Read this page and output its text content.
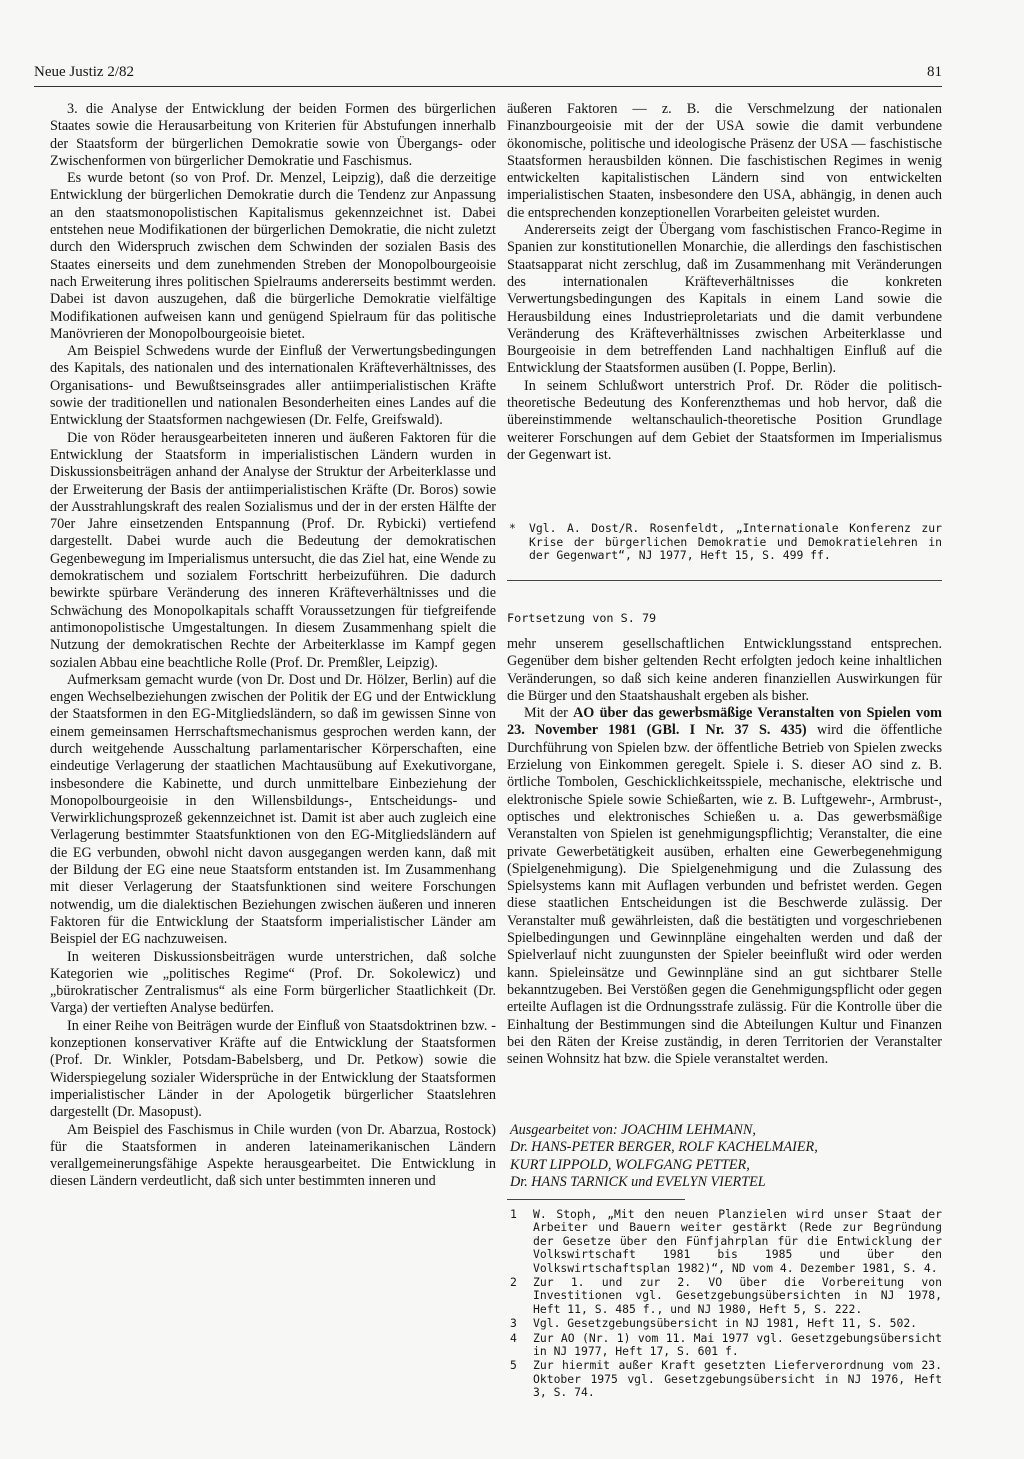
Neue Justiz 2/82	81

3. die Analyse der Entwicklung der beiden Formen des bürgerlichen Staates sowie die Herausarbeitung von Kriterien für Abstufungen innerhalb der Staatsform der bürgerlichen Demokratie sowie von Übergangs- oder Zwischenformen von bürgerlicher Demokratie und Faschismus.

Es wurde betont (so von Prof. Dr. Menzel, Leipzig), daß die derzeitige Entwicklung der bürgerlichen Demokratie durch die Tendenz zur Anpassung an den staatsmonopolistischen Kapitalismus gekennzeichnet ist. Dabei entstehen neue Modifikationen der bürgerlichen Demokratie, die nicht zuletzt durch den Widerspruch zwischen dem Schwinden der sozialen Basis des Staates einerseits und dem zunehmenden Streben der Monopolbourgeoisie nach Erweiterung ihres politischen Spielraums andererseits bestimmt werden. Dabei ist davon auszugehen, daß die bürgerliche Demokratie vielfältige Modifikationen aufweisen kann und genügend Spielraum für das politische Manövrieren der Monopolbourgeoisie bietet.

Am Beispiel Schwedens wurde der Einfluß der Verwertungsbedingungen des Kapitals, des nationalen und des internationalen Kräfteverhältnisses, des Organisations- und Bewußtseinsgrades aller antiimperialistischen Kräfte sowie der traditionellen und nationalen Besonderheiten eines Landes auf die Entwicklung der Staatsformen nachgewiesen (Dr. Felfe, Greifswald).

Die von Röder herausgearbeiteten inneren und äußeren Faktoren für die Entwicklung der Staatsform in imperialistischen Ländern wurden in Diskussionsbeiträgen anhand der Analyse der Struktur der Arbeiterklasse und der Erweiterung der Basis der antiimperialistischen Kräfte (Dr. Boros) sowie der Ausstrahlungskraft des realen Sozialismus und der in der ersten Hälfte der 70er Jahre einsetzenden Entspannung (Prof. Dr. Rybicki) vertiefend dargestellt. Dabei wurde auch die Bedeutung der demokratischen Gegenbewegung im Imperialismus untersucht, die das Ziel hat, eine Wende zu demokratischem und sozialem Fortschritt herbeizuführen. Die dadurch bewirkte spürbare Veränderung des inneren Kräfteverhältnisses und die Schwächung des Monopolkapitals schafft Voraussetzungen für tiefgreifende antimonopolistische Umgestaltungen. In diesem Zusammenhang spielt die Nutzung der demokratischen Rechte der Arbeiterklasse im Kampf gegen sozialen Abbau eine beachtliche Rolle (Prof. Dr. Premßler, Leipzig).

Aufmerksam gemacht wurde (von Dr. Dost und Dr. Hölzer, Berlin) auf die engen Wechselbeziehungen zwischen der Politik der EG und der Entwicklung der Staatsformen in den EG-Mitgliedsländern, so daß im gewissen Sinne von einem gemeinsamen Herrschaftsmechanismus gesprochen werden kann, der durch weitgehende Ausschaltung parlamentarischer Körperschaften, eine eindeutige Verlagerung der staatlichen Machtausübung auf Exekutivorgane, insbesondere die Kabinette, und durch unmittelbare Einbeziehung der Monopolbourgeoisie in den Willensbildungs-, Entscheidungs- und Verwirklichungsprozeß gekennzeichnet ist. Damit ist aber auch zugleich eine Verlagerung bestimmter Staatsfunktionen von den EG-Mitgliedsländern auf die EG verbunden, obwohl nicht davon ausgegangen werden kann, daß mit der Bildung der EG eine neue Staatsform entstanden ist. Im Zusammenhang mit dieser Verlagerung der Staatsfunktionen sind weitere Forschungen notwendig, um die dialektischen Beziehungen zwischen äußeren und inneren Faktoren für die Entwicklung der Staatsform imperialistischer Länder am Beispiel der EG nachzuweisen.

In weiteren Diskussionsbeiträgen wurde unterstrichen, daß solche Kategorien wie „politisches Regime“ (Prof. Dr. Sokolewicz) und „bürokratischer Zentralismus“ als eine Form bürgerlicher Staatlichkeit (Dr. Varga) der vertieften Analyse bedürfen.

In einer Reihe von Beiträgen wurde der Einfluß von Staatsdoktrinen bzw. -konzeptionen konservativer Kräfte auf die Entwicklung der Staatsformen (Prof. Dr. Winkler, Potsdam-Babelsberg, und Dr. Petkow) sowie die Widerspiegelung sozialer Widersprüche in der Entwicklung der Staatsformen imperialistischer Länder in der Apologetik bürgerlicher Staatslehren dargestellt (Dr. Masopust).

Am Beispiel des Faschismus in Chile wurden (von Dr. Abarzua, Rostock) für die Staatsformen in anderen lateinamerikanischen Ländern verallgemeinerungsfähige Aspekte herausgearbeitet. Die Entwicklung in diesen Ländern verdeutlicht, daß sich unter bestimmten inneren und

äußeren Faktoren — z. B. die Verschmelzung der nationalen Finanzbourgeoisie mit der der USA sowie die damit verbundene ökonomische, politische und ideologische Präsenz der USA — faschistische Staatsformen herausbilden können. Die faschistischen Regimes in wenig entwickelten kapitalistischen Ländern sind von entwickelten imperialistischen Staaten, insbesondere den USA, abhängig, in denen auch die entsprechenden konzeptionellen Vorarbeiten geleistet wurden.

Andererseits zeigt der Übergang vom faschistischen Franco-Regime in Spanien zur konstitutionellen Monarchie, die allerdings den faschistischen Staatsapparat nicht zerschlug, daß im Zusammenhang mit Veränderungen des internationalen Kräfteverhältnisses die konkreten Verwertungsbedingungen des Kapitals in einem Land sowie die Herausbildung eines Industrieproletariats und die damit verbundene Veränderung des Kräfteverhältnisses zwischen Arbeiterklasse und Bourgeoisie in dem betreffenden Land nachhaltigen Einfluß auf die Entwicklung der Staatsformen ausüben (I. Poppe, Berlin).

In seinem Schlußwort unterstrich Prof. Dr. Röder die politisch-theoretische Bedeutung des Konferenzthemas und hob hervor, daß die übereinstimmende weltanschaulich-theoretische Position Grundlage weiterer Forschungen auf dem Gebiet der Staatsformen im Imperialismus der Gegenwart ist.

* Vgl. A. Dost/R. Rosenfeldt, „Internationale Konferenz zur Krise der bürgerlichen Demokratie und Demokratielehren in der Gegenwart“, NJ 1977, Heft 15, S. 499 ff.
Fortsetzung von S. 79

mehr unserem gesellschaftlichen Entwicklungsstand entsprechen. Gegenüber dem bisher geltenden Recht erfolgten jedoch keine inhaltlichen Veränderungen, so daß sich keine anderen finanziellen Auswirkungen für die Bürger und den Staatshaushalt ergeben als bisher.

Mit der AO über das gewerbsmäßige Veranstalten von Spielen vom 23. November 1981 (GBl. I Nr. 37 S. 435) wird die öffentliche Durchführung von Spielen bzw. der öffentliche Betrieb von Spielen zwecks Erzielung von Einkommen geregelt. Spiele i. S. dieser AO sind z. B. örtliche Tombolen, Geschicklichkeitsspiele, mechanische, elektrische und elektronische Spiele sowie Schießarten, wie z. B. Luftgewehr-, Armbrust-, optisches und elektronisches Schießen u. a. Das gewerbsmäßige Veranstalten von Spielen ist genehmigungspflichtig; Veranstalter, die eine private Gewerbetätigkeit ausüben, erhalten eine Gewerbegenehmigung (Spielgenehmigung). Die Spielgenehmigung und die Zulassung des Spielsystems kann mit Auflagen verbunden und befristet werden. Gegen diese staatlichen Entscheidungen ist die Beschwerde zulässig. Der Veranstalter muß gewährleisten, daß die bestätigten und vorgeschriebenen Spielbedingungen und Gewinnpläne eingehalten werden und daß der Spielverlauf nicht zuungunsten der Spieler beeinflußt wird oder werden kann. Spieleinsätze und Gewinnpläne sind an gut sichtbarer Stelle bekanntzugeben. Bei Verstößen gegen die Genehmigungspflicht oder gegen erteilte Auflagen ist die Ordnungsstrafe zulässig. Für die Kontrolle über die Einhaltung der Bestimmungen sind die Abteilungen Kultur und Finanzen bei den Räten der Kreise zuständig, in deren Territorien der Veranstalter seinen Wohnsitz hat bzw. die Spiele veranstaltet werden.

Ausgearbeitet von: JOACHIM LEHMANN,
Dr. HANS-PETER BERGER, ROLF KACHELMAIER,
KURT LIPPOLD, WOLFGANG PETTER,
Dr. HANS TARNICK und EVELYN VIERTEL
1 W. Stoph, „Mit den neuen Planzielen wird unser Staat der Arbeiter und Bauern weiter gestärkt (Rede zur Begründung der Gesetze über den Fünfjahrplan für die Entwicklung der Volkswirtschaft 1981 bis 1985 und über den Volkswirtschaftsplan 1982)“, ND vom 4. Dezember 1981, S. 4.
2 Zur 1. und zur 2. VO über die Vorbereitung von Investitionen vgl. Gesetzgebungsübersichten in NJ 1978, Heft 11, S. 485 f., und NJ 1980, Heft 5, S. 222.
3 Vgl. Gesetzgebungsübersicht in NJ 1981, Heft 11, S. 502.
4 Zur AO (Nr. 1) vom 11. Mai 1977 vgl. Gesetzgebungsübersicht in NJ 1977, Heft 17, S. 601 f.
5 Zur hiermit außer Kraft gesetzten Lieferverordnung vom 23. Oktober 1975 vgl. Gesetzgebungsübersicht in NJ 1976, Heft 3, S. 74.
